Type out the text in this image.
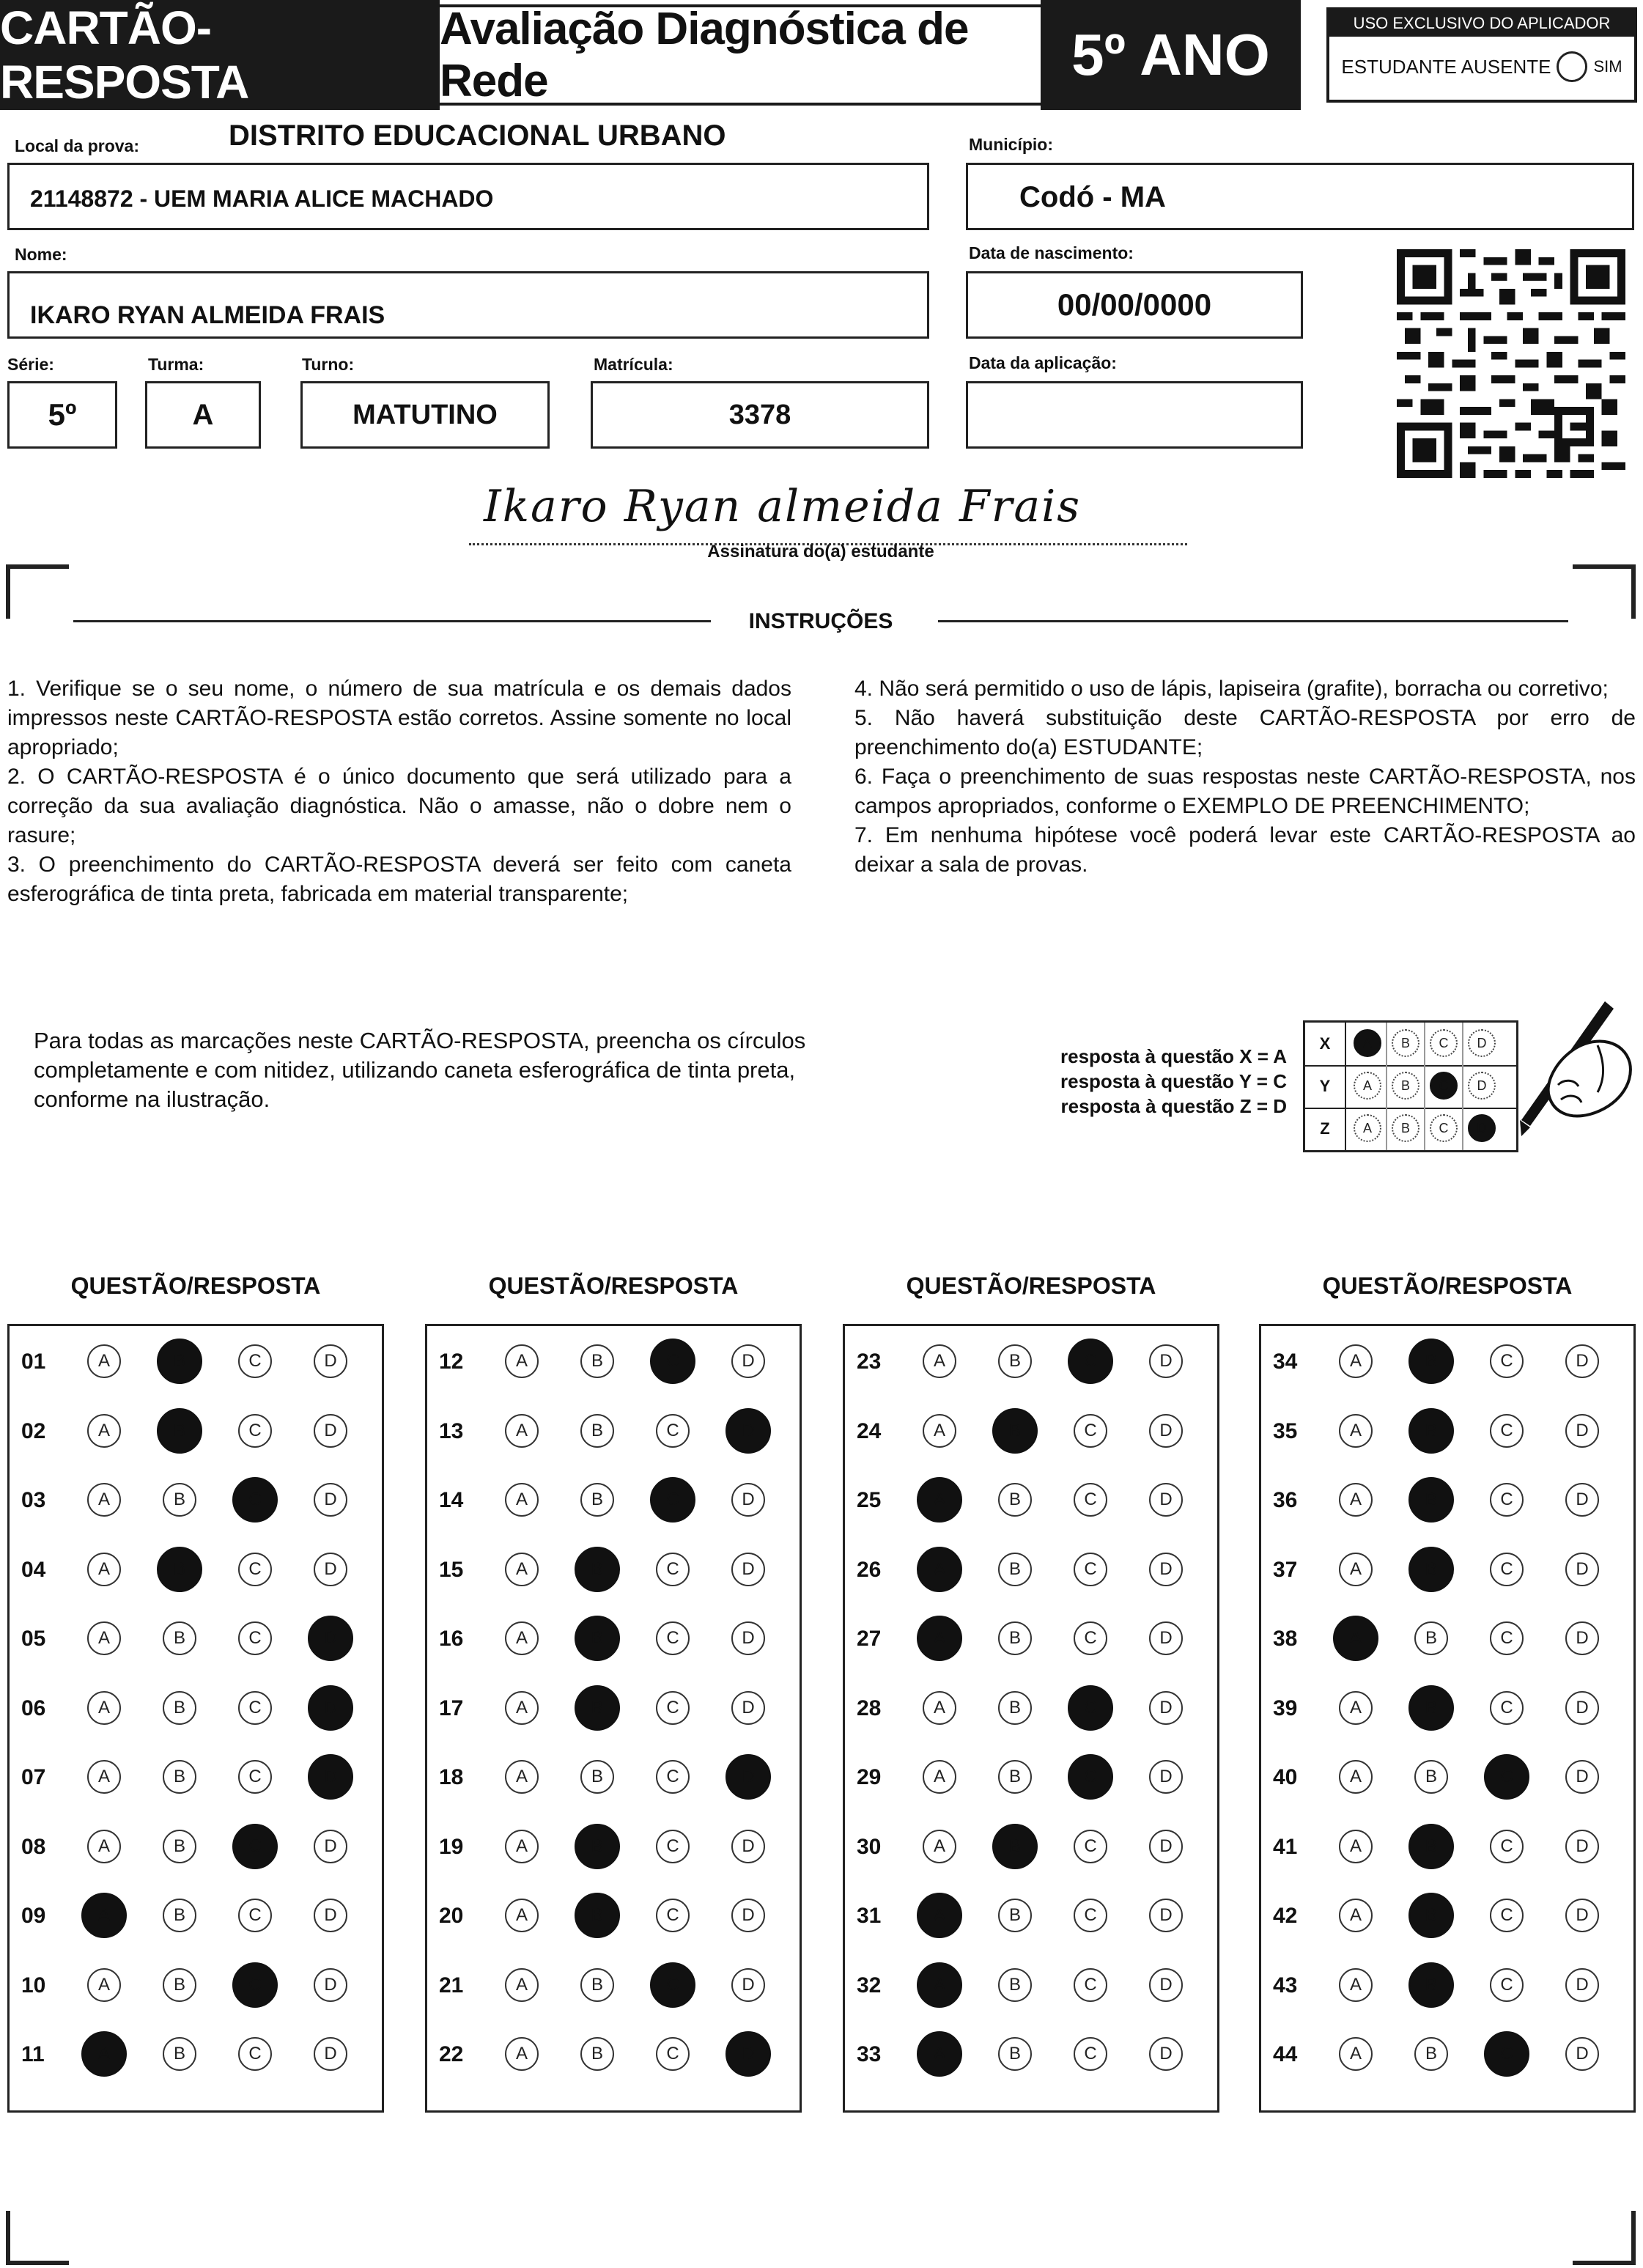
CARTÃO-RESPOSTA
Avaliação Diagnóstica de Rede	5º ANO	USO EXCLUSIVO DO APLICADOR
ESTUDANTE AUSENTE	SIM
Local da prova:	DISTRITO EDUCACIONAL URBANO
21148872 - UEM MARIA ALICE MACHADO
Município:
Codó - MA
Nome:
IKARO RYAN ALMEIDA FRAIS
Data de nascimento:
00/00/0000
Série:
5º
Turma:
A
Turno:
MATUTINO
Matrícula:
3378
Data da aplicação:
Ikaro Ryan almeida Frais
Assinatura do(a) estudante
INSTRUÇÕES

1. Verifique se o seu nome, o número de sua matrícula e os demais dados impressos neste CARTÃO-RESPOSTA estão corretos. Assine somente no local apropriado;

2. O CARTÃO-RESPOSTA é o único documento que será utilizado para a correção da sua avaliação diagnóstica. Não o amasse, não o dobre nem o rasure;

3. O preenchimento do CARTÃO-RESPOSTA deverá ser feito com caneta esferográfica de tinta preta, fabricada em material transparente;

4. Não será permitido o uso de lápis, lapiseira (grafite), borracha ou corretivo;

5. Não haverá substituição deste CARTÃO-RESPOSTA por erro de preenchimento do(a) ESTUDANTE;

6. Faça o preenchimento de suas respostas neste CARTÃO-RESPOSTA, nos campos apropriados, conforme o EXEMPLO DE PREENCHIMENTO;

7. Em nenhuma hipótese você poderá levar este CARTÃO-RESPOSTA ao deixar a sala de provas.

Para todas as marcações neste CARTÃO-RESPOSTA, preencha os círculos completamente e com nitidez, utilizando caneta esferográfica de tinta preta, conforme na ilustração.
resposta à questão X = A
resposta à questão Y = C
resposta à questão Z = D
X	A	B	C	D
Y	A	B	C	D
Z	A	B	C	D
QUESTÃO/RESPOSTA
01	A	B	C	D
02	A	B	C	D
03	A	B	C	D
04	A	B	C	D
05	A	B	C	D
06	A	B	C	D
07	A	B	C	D
08	A	B	C	D
09	A	B	C	D
10	A	B	C	D
11	A	B	C	D
QUESTÃO/RESPOSTA
12	A	B	C	D
13	A	B	C	D
14	A	B	C	D
15	A	B	C	D
16	A	B	C	D
17	A	B	C	D
18	A	B	C	D
19	A	B	C	D
20	A	B	C	D
21	A	B	C	D
22	A	B	C	D
QUESTÃO/RESPOSTA
23	A	B	C	D
24	A	B	C	D
25	A	B	C	D
26	A	B	C	D
27	A	B	C	D
28	A	B	C	D
29	A	B	C	D
30	A	B	C	D
31	A	B	C	D
32	A	B	C	D
33	A	B	C	D
QUESTÃO/RESPOSTA
34	A	B	C	D
35	A	B	C	D
36	A	B	C	D
37	A	B	C	D
38	A	B	C	D
39	A	B	C	D
40	A	B	C	D
41	A	B	C	D
42	A	B	C	D
43	A	B	C	D
44	A	B	C	D
